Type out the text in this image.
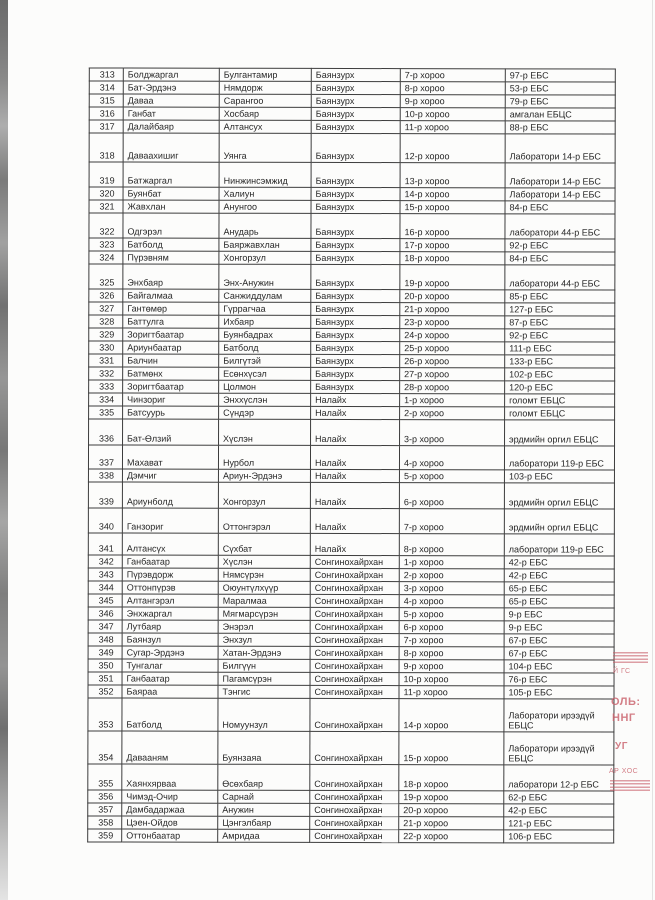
313	Болджаргал	Булгантамир	Баянзурх	7-р хороо	97-р ЕБС
314	Бат-Эрдэнэ	Нямдорж	Баянзурх	8-р хороо	53-р ЕБС
315	Даваа	Сарангоо	Баянзурх	9-р хороо	79-р ЕБС
316	Ганбат	Хосбаяр	Баянзурх	10-р хороо	амгалан ЕБЦС
317	Далайбаяр	Алтансух	Баянзурх	11-р хороо	88-р ЕБС
318	Даваахишиг	Уянга	Баянзурх	12-р хороо	Лаборатори 14-р ЕБС
319	Батжаргал	Нинжинсэмжид	Баянзурх	13-р хороо	Лаборатори 14-р ЕБС
320	Буянбат	Халиун	Баянзурх	14-р хороо	Лаборатори 14-р ЕБС
321	Жавхлан	Анунгоо	Баянзурх	15-р хороо	84-р ЕБС
322	Одгэрэл	Анударь	Баянзурх	16-р хороо	лаборатори 44-р ЕБС
323	Батболд	Баяржавхлан	Баянзурх	17-р хороо	92-р ЕБС
324	Пүрэвням	Хонгорзул	Баянзурх	18-р хороо	84-р ЕБС
325	Энхбаяр	Энх-Анужин	Баянзурх	19-р хороо	лаборатори 44-р ЕБС
326	Байгалмаа	Санжиддулам	Баянзурх	20-р хороо	85-р ЕБС
327	Гантөмөр	Гүррагчаа	Баянзурх	21-р хороо	127-р ЕБС
328	Баттулга	Ихбаяр	Баянзурх	23-р хороо	87-р ЕБС
329	Зоригтбаатар	Буянбадрах	Баянзурх	24-р хороо	92-р ЕБС
330	Ариунбаатар	Батболд	Баянзурх	25-р хороо	111-р ЕБС
331	Балчин	Билгүтэй	Баянзурх	26-р хороо	133-р ЕБС
332	Батмөнх	Есөнхүсэл	Баянзурх	27-р хороо	102-р ЕБС
333	Зоригтбаатар	Цолмон	Баянзурх	28-р хороо	120-р ЕБС
334	Чинзориг	Энххүслэн	Налайх	1-р хороо	голомт ЕБЦС
335	Батсуурь	Сүндэр	Налайх	2-р хороо	голомт ЕБЦС
336	Бат-Өлзий	Хүслэн	Налайх	3-р хороо	эрдмийн оргил ЕБЦС
337	Махават	Нурбол	Налайх	4-р хороо	лаборатори 119-р ЕБС
338	Дэмчиг	Ариун-Эрдэнэ	Налайх	5-р хороо	103-р ЕБС
339	Ариунболд	Хонгорзул	Налайх	6-р хороо	эрдмийн оргил ЕБЦС
340	Ганзориг	Оттонгэрэл	Налайх	7-р хороо	эрдмийн оргил ЕБЦС
341	Алтансүх	Сүхбат	Налайх	8-р хороо	лаборатори 119-р ЕБС
342	Ганбаатар	Хүслэн	Сонгинохайрхан	1-р хороо	42-р ЕБС
343	Пүрэвдорж	Нямсүрэн	Сонгинохайрхан	2-р хороо	42-р ЕБС
344	Оттонпүрэв	Оюунтүлхүүр	Сонгинохайрхан	3-р хороо	65-р ЕБС
345	Алтангэрэл	Маралмаа	Сонгинохайрхан	4-р хороо	65-р ЕБС
346	Энхжаргал	Мягмарсүрэн	Сонгинохайрхан	5-р хороо	9-р ЕБС
347	Лутбаяр	Энэрэл	Сонгинохайрхан	6-р хороо	9-р ЕБС
348	Баянзул	Энхзул	Сонгинохайрхан	7-р хороо	67-р ЕБС
349	Сугар-Эрдэнэ	Хатан-Эрдэнэ	Сонгинохайрхан	8-р хороо	67-р ЕБС
350	Тунгалаг	Билгүүн	Сонгинохайрхан	9-р хороо	104-р ЕБС
351	Ганбаатар	Пагамсүрэн	Сонгинохайрхан	10-р хороо	76-р ЕБС
352	Баяраа	Тэнгис	Сонгинохайрхан	11-р хороо	105-р ЕБС
353	Батболд	Номуунзул	Сонгинохайрхан	14-р хороо	Лаборатори ирээдүй ЕБЦС
354	Давааням	Буянзаяа	Сонгинохайрхан	15-р хороо	Лаборатори ирээдүй ЕБЦС
355	Хаянхярваа	Өсөхбаяр	Сонгинохайрхан	18-р хороо	лаборатори 12-р ЕБС
356	Чимэд-Очир	Сарнай	Сонгинохайрхан	19-р хороо	62-р ЕБС
357	Дамбадаржаа	Анужин	Сонгинохайрхан	20-р хороо	42-р ЕБС
358	Цэен-Ойдов	Цэнгэлбаяр	Сонгинохайрхан	21-р хороо	121-р ЕБС
359	Оттонбаатар	Амридаа	Сонгинохайрхан	22-р хороо	106-р ЕБС
Й ГС
ОЛЬ:
ННГ
УГ
АР ХОС
